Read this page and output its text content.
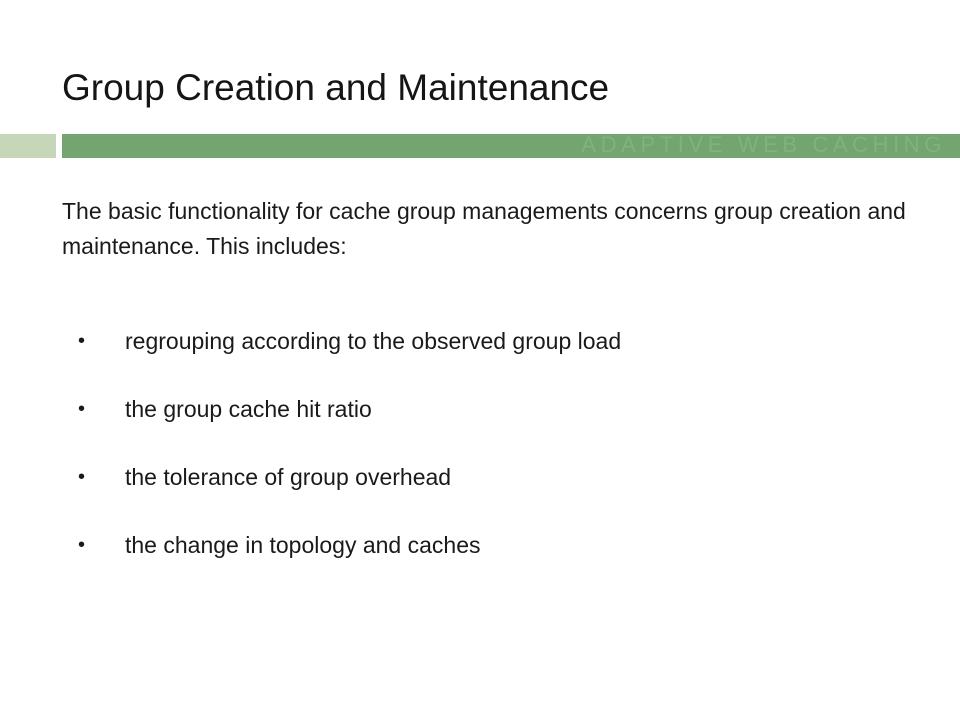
Group Creation and Maintenance
ADAPTIVE WEB CACHING
The basic functionality for cache group managements concerns group creation and maintenance. This includes:
• regrouping according to the observed group load
• the group cache hit ratio
• the tolerance of group overhead
• the change in topology and caches
